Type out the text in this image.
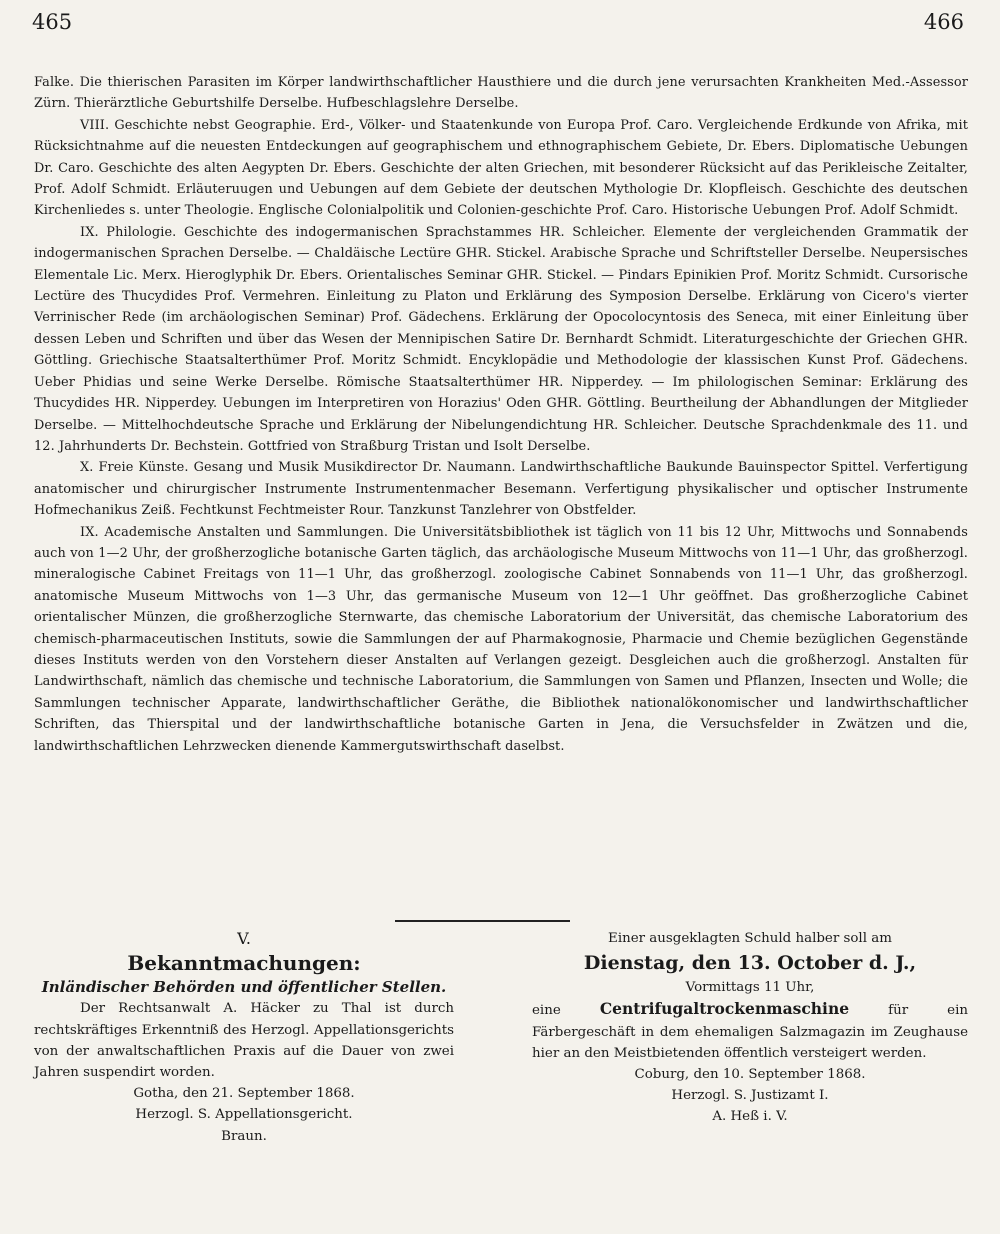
465	466

Falke. Die thierischen Parasiten im Körper landwirthschaftlicher Hausthiere und die durch jene verursachten Krankheiten Med.-Assessor Zürn. Thierärztliche Geburtshilfe Derselbe. Hufbeschlagslehre Derselbe.

VIII. Geschichte nebst Geographie. Erd-, Völker- und Staatenkunde von Europa Prof. Caro. Vergleichende Erdkunde von Afrika, mit Rücksichtnahme auf die neuesten Entdeckungen auf geographischem und ethnographischem Gebiete, Dr. Ebers. Diplomatische Uebungen Dr. Caro. Geschichte des alten Aegypten Dr. Ebers. Geschichte der alten Griechen, mit besonderer Rücksicht auf das Perikleische Zeitalter, Prof. Adolf Schmidt. Erläuteruugen und Uebungen auf dem Gebiete der deutschen Mythologie Dr. Klopfleisch. Geschichte des deutschen Kirchenliedes s. unter Theologie. Englische Colonialpolitik und Colonien-geschichte Prof. Caro. Historische Uebungen Prof. Adolf Schmidt.

IX. Philologie. Geschichte des indogermanischen Sprachstammes HR. Schleicher. Elemente der vergleichenden Grammatik der indogermanischen Sprachen Derselbe. — Chaldäische Lectüre GHR. Stickel. Arabische Sprache und Schriftsteller Derselbe. Neupersisches Elementale Lic. Merx. Hieroglyphik Dr. Ebers. Orientalisches Seminar GHR. Stickel. — Pindars Epinikien Prof. Moritz Schmidt. Cursorische Lectüre des Thucydides Prof. Vermehren. Einleitung zu Platon und Erklärung des Symposion Derselbe. Erklärung von Cicero's vierter Verrinischer Rede (im archäologischen Seminar) Prof. Gädechens. Erklärung der Opocolocyntosis des Seneca, mit einer Einleitung über dessen Leben und Schriften und über das Wesen der Mennipischen Satire Dr. Bernhardt Schmidt. Literaturgeschichte der Griechen GHR. Göttling. Griechische Staatsalterthümer Prof. Moritz Schmidt. Encyklopädie und Methodologie der klassischen Kunst Prof. Gädechens. Ueber Phidias und seine Werke Derselbe. Römische Staatsalterthümer HR. Nipperdey. — Im philologischen Seminar: Erklärung des Thucydides HR. Nipperdey. Uebungen im Interpretiren von Horazius' Oden GHR. Göttling. Beurtheilung der Abhandlungen der Mitglieder Derselbe. — Mittelhochdeutsche Sprache und Erklärung der Nibelungendichtung HR. Schleicher. Deutsche Sprachdenkmale des 11. und 12. Jahrhunderts Dr. Bechstein. Gottfried von Straßburg Tristan und Isolt Derselbe.

X. Freie Künste. Gesang und Musik Musikdirector Dr. Naumann. Landwirthschaftliche Baukunde Bauinspector Spittel. Verfertigung anatomischer und chirurgischer Instrumente Instrumentenmacher Besemann. Verfertigung physikalischer und optischer Instrumente Hofmechanikus Zeiß. Fechtkunst Fechtmeister Rour. Tanzkunst Tanzlehrer von Obstfelder.

IX. Academische Anstalten und Sammlungen. Die Universitätsbibliothek ist täglich von 11 bis 12 Uhr, Mittwochs und Sonnabends auch von 1—2 Uhr, der großherzogliche botanische Garten täglich, das archäologische Museum Mittwochs von 11—1 Uhr, das großherzogl. mineralogische Cabinet Freitags von 11—1 Uhr, das großherzogl. zoologische Cabinet Sonnabends von 11—1 Uhr, das großherzogl. anatomische Museum Mittwochs von 1—3 Uhr, das germanische Museum von 12—1 Uhr geöffnet. Das großherzogliche Cabinet orientalischer Münzen, die großherzogliche Sternwarte, das chemische Laboratorium der Universität, das chemische Laboratorium des chemisch-pharmaceutischen Instituts, sowie die Sammlungen der auf Pharmakognosie, Pharmacie und Chemie bezüglichen Gegenstände dieses Instituts werden von den Vorstehern dieser Anstalten auf Verlangen gezeigt. Desgleichen auch die großherzogl. Anstalten für Landwirthschaft, nämlich das chemische und technische Laboratorium, die Sammlungen von Samen und Pflanzen, Insecten und Wolle; die Sammlungen technischer Apparate, landwirthschaftlicher Geräthe, die Bibliothek nationalökonomischer und landwirthschaftlicher Schriften, das Thierspital und der landwirthschaftliche botanische Garten in Jena, die Versuchsfelder in Zwätzen und die, landwirthschaftlichen Lehrzwecken dienende Kammergutswirthschaft daselbst.

V.

Bekanntmachungen:

Inländischer Behörden und öffentlicher Stellen.

Der Rechtsanwalt A. Häcker zu Thal ist durch rechtskräftiges Erkenntniß des Herzogl. Appellationsgerichts von der anwaltschaftlichen Praxis auf die Dauer von zwei Jahren suspendirt worden.

Gotha, den 21. September 1868.

Herzogl. S. Appellationsgericht.

Braun.

Einer ausgeklagten Schuld halber soll am

Dienstag, den 13. October d. J.,

Vormittags 11 Uhr,

eine	Centrifugaltrockenmaschine	für ein Färbergeschäft in dem ehemaligen Salzmagazin im Zeughause hier an den Meistbietenden öffentlich versteigert werden.

Coburg, den 10. September 1868.

Herzogl. S. Justizamt I.

A. Heß i. V.
